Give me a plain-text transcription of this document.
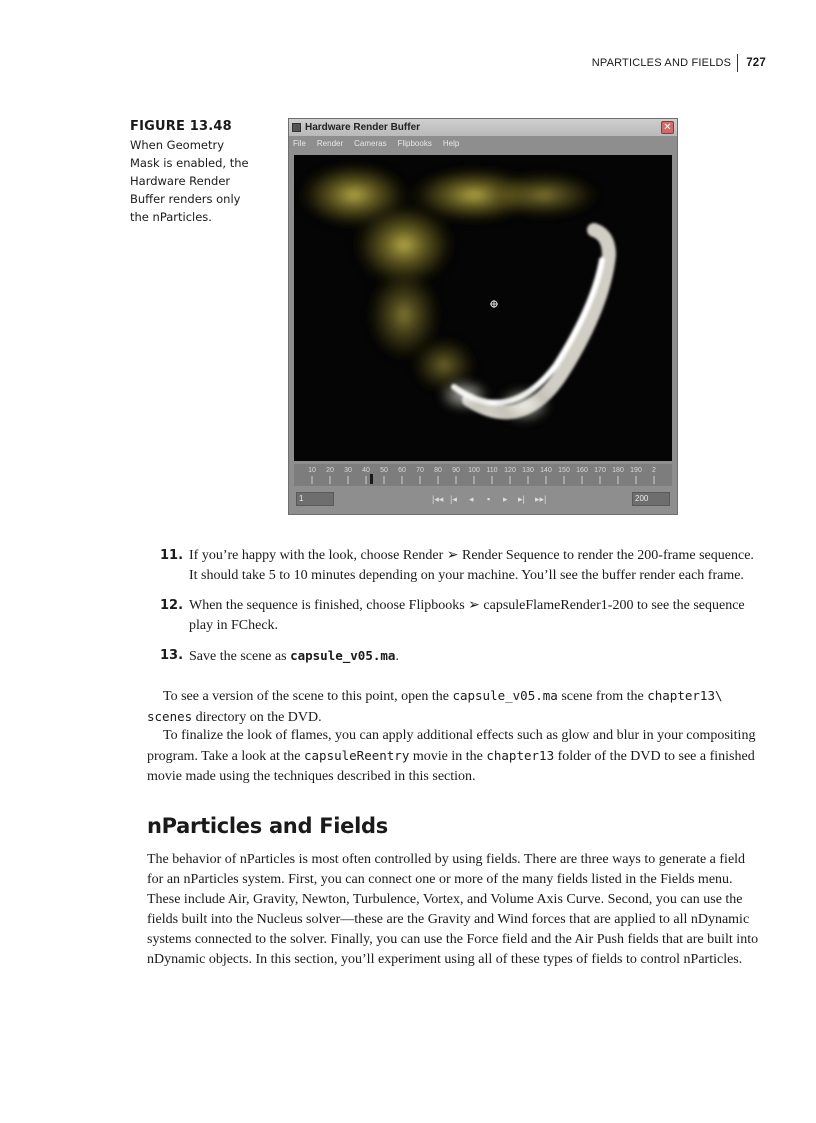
NPARTICLES AND FIELDS 727
FIGURE 13.48
When Geometry Mask is enabled, the Hardware Render Buffer renders only the nParticles.
Hardware Render Buffer	✕
File Render Cameras Flipbooks Help
10 20 30 40 50 60 70 80 90 100 110 120 130 140 150 160 170 180 190 2
1	|◂◂ |◂ ◂ ▪ ▸ ▸| ▸▸|	200
11. If you’re happy with the look, choose Render ➢ Render Sequence to render the 200-frame sequence. It should take 5 to 10 minutes depending on your machine. You’ll see the buffer render each frame.
12. When the sequence is finished, choose Flipbooks ➢ capsuleFlameRender1-200 to see the sequence play in FCheck.
13. Save the scene as capsule_v05.ma.
To see a version of the scene to this point, open the capsule_v05.ma scene from the chapter13\ scenes directory on the DVD.
To finalize the look of flames, you can apply additional effects such as glow and blur in your compositing program. Take a look at the capsuleReentry movie in the chapter13 folder of the DVD to see a finished movie made using the techniques described in this section.
nParticles and Fields
The behavior of nParticles is most often controlled by using fields. There are three ways to generate a field for an nParticles system. First, you can connect one or more of the many fields listed in the Fields menu. These include Air, Gravity, Newton, Turbulence, Vortex, and Volume Axis Curve. Second, you can use the fields built into the Nucleus solver—these are the Gravity and Wind forces that are applied to all nDynamic systems connected to the solver. Finally, you can use the Force field and the Air Push fields that are built into nDynamic objects. In this section, you’ll experiment using all of these types of fields to control nParticles.
